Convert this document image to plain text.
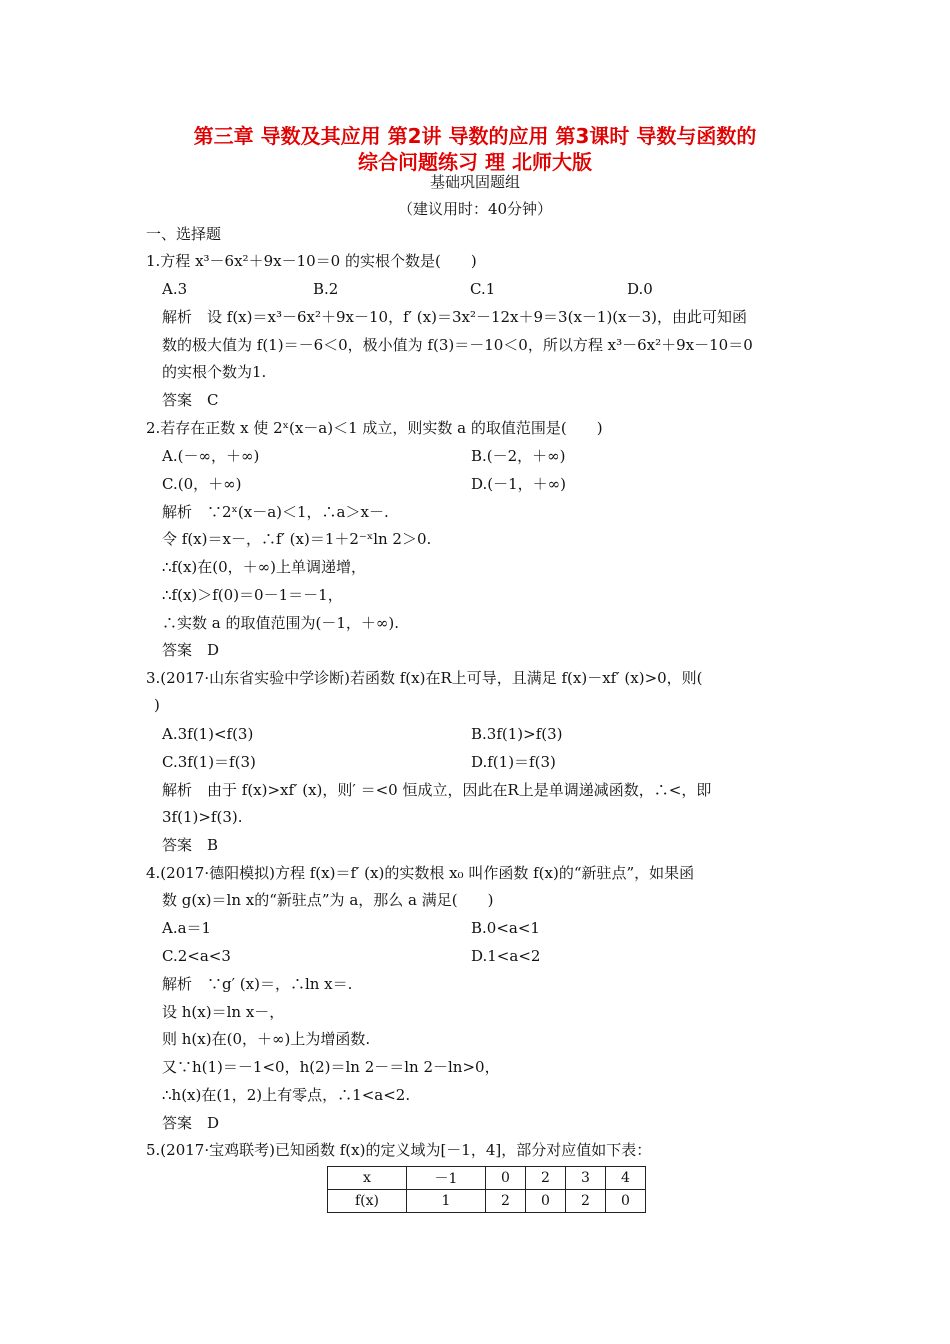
第三章 导数及其应用 第2讲 导数的应用 第3课时 导数与函数的
综合问题练习 理 北师大版
基础巩固题组
（建议用时：40分钟）
一、选择题
1.方程 x³－6x²＋9x－10＝0 的实根个数是(　　)
A.3	B.2	C.1	D.0
解析　设 f(x)＝x³－6x²＋9x－10，f′ (x)＝3x²－12x＋9＝3(x－1)(x－3)，由此可知函
数的极大值为 f(1)＝－6＜0，极小值为 f(3)＝－10＜0，所以方程 x³－6x²＋9x－10＝0
的实根个数为1.
答案　C
2.若存在正数 x 使 2ˣ(x－a)＜1 成立，则实数 a 的取值范围是(　　)
A.(－∞，＋∞)	B.(－2，＋∞)
C.(0，＋∞)	D.(－1，＋∞)
解析　∵2ˣ(x－a)＜1，∴a＞x－.
令 f(x)＝x－，∴f′ (x)＝1＋2⁻ˣln 2＞0.
∴f(x)在(0，＋∞)上单调递增，
∴f(x)＞f(0)＝0－1＝－1，
∴实数 a 的取值范围为(－1，＋∞).
答案　D
3.(2017·山东省实验中学诊断)若函数 f(x)在R上可导，且满足 f(x)－xf′ (x)>0，则(
)
A.3f(1)<f(3)	B.3f(1)>f(3)
C.3f(1)＝f(3)	D.f(1)＝f(3)
解析　由于 f(x)>xf′ (x)，则′ ＝<0 恒成立，因此在R上是单调递减函数，∴<，即
3f(1)>f(3).
答案　B
4.(2017·德阳模拟)方程 f(x)＝f′ (x)的实数根 x₀ 叫作函数 f(x)的“新驻点”，如果函
数 g(x)＝ln x的“新驻点”为 a，那么 a 满足(　　)
A.a＝1	B.0<a<1
C.2<a<3	D.1<a<2
解析　∵g′ (x)＝，∴ln x＝.
设 h(x)＝ln x－，
则 h(x)在(0，＋∞)上为增函数.
又∵h(1)＝－1<0，h(2)＝ln 2－＝ln 2－ln>0，
∴h(x)在(1，2)上有零点，∴1<a<2.
答案　D
5.(2017·宝鸡联考)已知函数 f(x)的定义域为[－1，4]，部分对应值如下表：
x	－1	0	2	3	4
f(x)	1	2	0	2	0
